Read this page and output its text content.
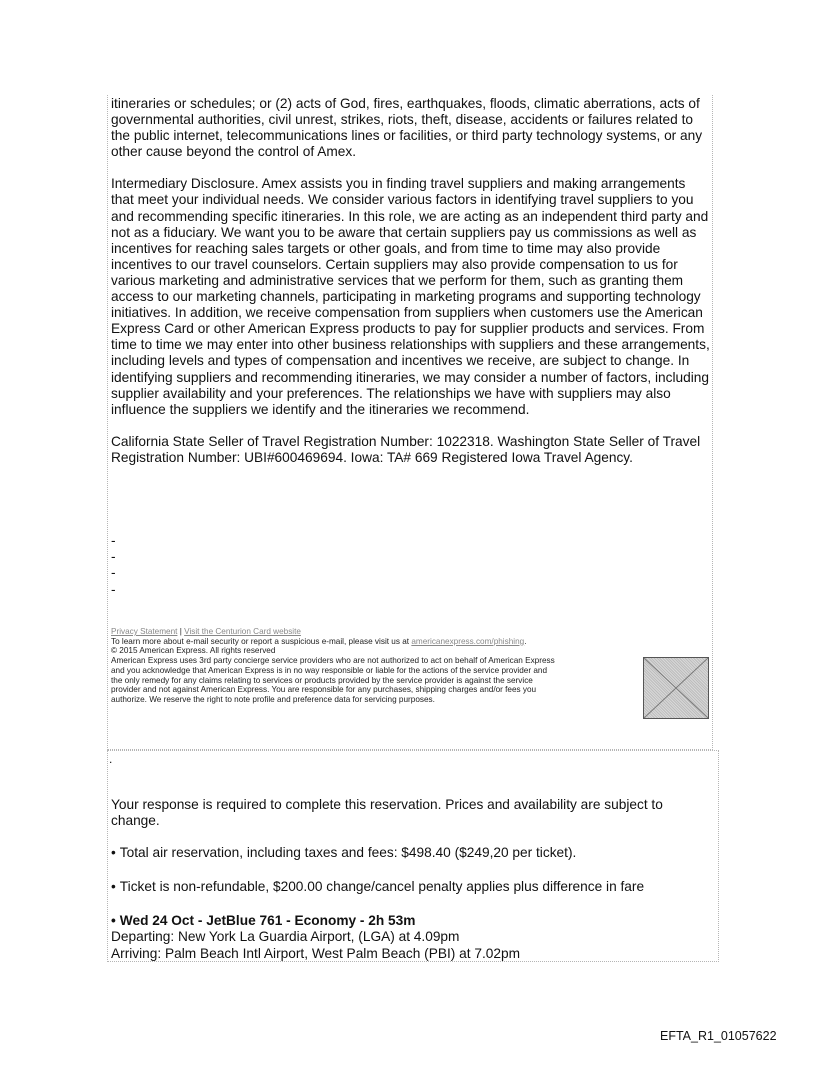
itineraries or schedules; or (2) acts of God, fires, earthquakes, floods, climatic aberrations, acts of governmental authorities, civil unrest, strikes, riots, theft, disease, accidents or failures related to the public internet, telecommunications lines or facilities, or third party technology systems, or any other cause beyond the control of Amex.

Intermediary Disclosure. Amex assists you in finding travel suppliers and making arrangements that meet your individual needs. We consider various factors in identifying travel suppliers to you and recommending specific itineraries. In this role, we are acting as an independent third party and not as a fiduciary. We want you to be aware that certain suppliers pay us commissions as well as incentives for reaching sales targets or other goals, and from time to time may also provide incentives to our travel counselors. Certain suppliers may also provide compensation to us for various marketing and administrative services that we perform for them, such as granting them access to our marketing channels, participating in marketing programs and supporting technology initiatives. In addition, we receive compensation from suppliers when customers use the American Express Card or other American Express products to pay for supplier products and services. From time to time we may enter into other business relationships with suppliers and these arrangements, including levels and types of compensation and incentives we receive, are subject to change. In identifying suppliers and recommending itineraries, we may consider a number of factors, including supplier availability and your preferences. The relationships we have with suppliers may also influence the suppliers we identify and the itineraries we recommend.

California State Seller of Travel Registration Number: 1022318. Washington State Seller of Travel Registration Number: UBI#600469694. Iowa: TA# 669 Registered Iowa Travel Agency.

-
-
-
-
Privacy Statement | Visit the Centurion Card website
To learn more about e-mail security or report a suspicious e-mail, please visit us at americanexpress.com/phishing.
© 2015 American Express. All rights reserved
American Express uses 3rd party concierge service providers who are not authorized to act on behalf of American Express
and you acknowledge that American Express is in no way responsible or liable for the actions of the service provider and
the only remedy for any claims relating to services or products provided by the service provider is against the service
provider and not against American Express. You are responsible for any purchases, shipping charges and/or fees you
authorize. We reserve the right to note profile and preference data for servicing purposes.
.

Your response is required to complete this reservation. Prices and availability are subject to change.

• Total air reservation, including taxes and fees: $498.40 ($249,20 per ticket).

• Ticket is non-refundable, $200.00 change/cancel penalty applies plus difference in fare

• Wed 24 Oct - JetBlue 761 - Economy - 2h 53m

Departing: New York La Guardia Airport, (LGA) at 4.09pm

Arriving: Palm Beach Intl Airport, West Palm Beach (PBI) at 7.02pm

EFTA_R1_01057622
